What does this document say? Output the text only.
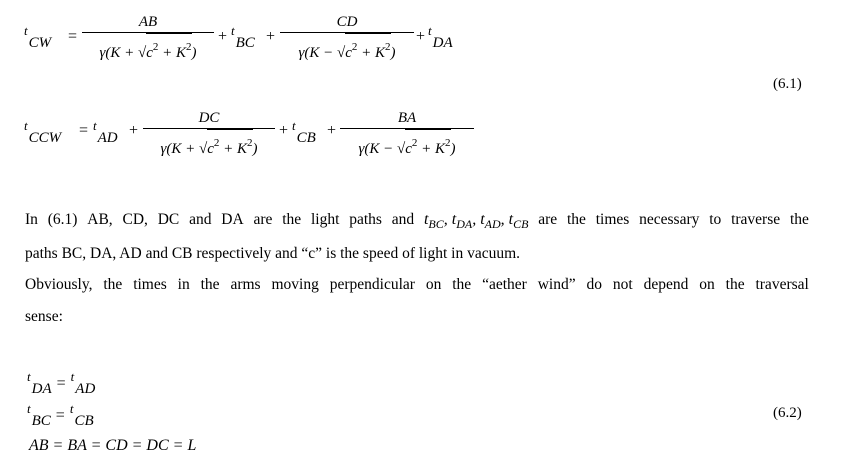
$^t$CW =
AB
$\gamma(K + √c^2 + K^2)$
+ $^t$BC +
CD
$\gamma(K - √c^2 + K^2)$
+ $^t$DA
(6.1)
$^t$CCW = $^t$AD +
DC
$\gamma(K + √c^2 + K^2)$
+ $^t$CB +
BA
$\gamma(K - √c^2 + K^2)$
In (6.1) AB, CD, DC and DA are the light paths and $t_{BC}$, $t_{DA}$, $t_{AD}$, $t_{CB}$ are the times necessary to traverse the
paths BC, DA, AD and CB respectively and “c” is the speed of light in vacuum.
Obviously, the times in the arms moving perpendicular on the “aether wind” do not depend on the traversal
sense:
$^t$DA = $^t$AD
$^t$BC = $^t$CB
AB = BA = CD = DC = L
(6.2)
